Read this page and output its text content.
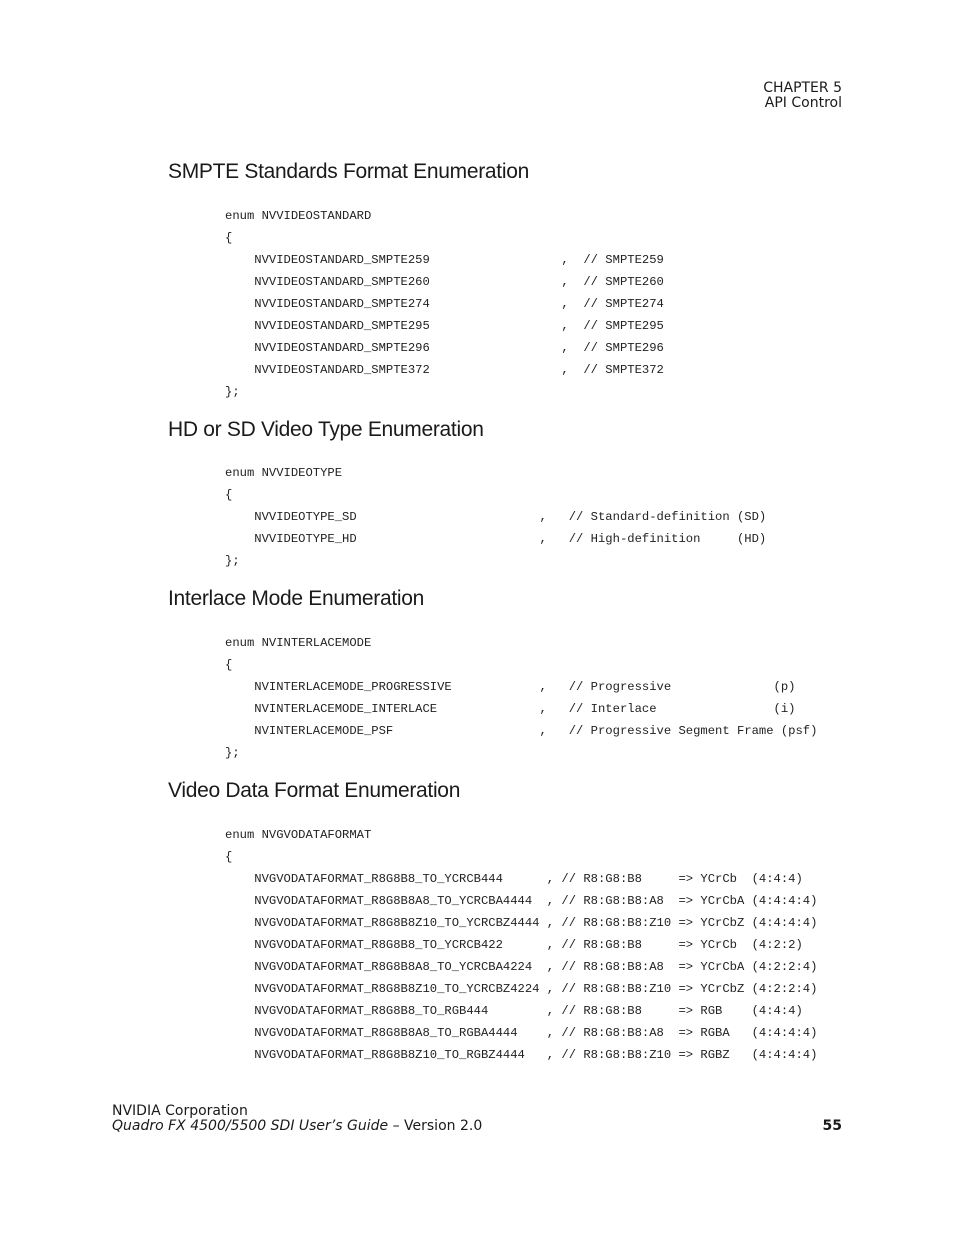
CHAPTER 5
API Control
SMPTE Standards Format Enumeration
enum NVVIDEOSTANDARD
{
NVVIDEOSTANDARD_SMPTE259                  ,  // SMPTE259
NVVIDEOSTANDARD_SMPTE260                  ,  // SMPTE260
NVVIDEOSTANDARD_SMPTE274                  ,  // SMPTE274
NVVIDEOSTANDARD_SMPTE295                  ,  // SMPTE295
NVVIDEOSTANDARD_SMPTE296                  ,  // SMPTE296
NVVIDEOSTANDARD_SMPTE372                  ,  // SMPTE372
};
HD or SD Video Type Enumeration
enum NVVIDEOTYPE
{
NVVIDEOTYPE_SD                         ,   // Standard-definition (SD)
NVVIDEOTYPE_HD                         ,   // High-definition     (HD)
};
Interlace Mode Enumeration
enum NVINTERLACEMODE
{
NVINTERLACEMODE_PROGRESSIVE            ,   // Progressive              (p)
NVINTERLACEMODE_INTERLACE              ,   // Interlace                (i)
NVINTERLACEMODE_PSF                    ,   // Progressive Segment Frame (psf)
};
Video Data Format Enumeration
enum NVGVODATAFORMAT
{
NVGVODATAFORMAT_R8G8B8_TO_YCRCB444      , // R8:G8:B8     => YCrCb  (4:4:4)
NVGVODATAFORMAT_R8G8B8A8_TO_YCRCBA4444  , // R8:G8:B8:A8  => YCrCbA (4:4:4:4)
NVGVODATAFORMAT_R8G8B8Z10_TO_YCRCBZ4444 , // R8:G8:B8:Z10 => YCrCbZ (4:4:4:4)
NVGVODATAFORMAT_R8G8B8_TO_YCRCB422      , // R8:G8:B8     => YCrCb  (4:2:2)
NVGVODATAFORMAT_R8G8B8A8_TO_YCRCBA4224  , // R8:G8:B8:A8  => YCrCbA (4:2:2:4)
NVGVODATAFORMAT_R8G8B8Z10_TO_YCRCBZ4224 , // R8:G8:B8:Z10 => YCrCbZ (4:2:2:4)
NVGVODATAFORMAT_R8G8B8_TO_RGB444        , // R8:G8:B8     => RGB    (4:4:4)
NVGVODATAFORMAT_R8G8B8A8_TO_RGBA4444    , // R8:G8:B8:A8  => RGBA   (4:4:4:4)
NVGVODATAFORMAT_R8G8B8Z10_TO_RGBZ4444   , // R8:G8:B8:Z10 => RGBZ   (4:4:4:4)
NVIDIA Corporation
Quadro FX 4500/5500 SDI User’s Guide – Version 2.0	55
